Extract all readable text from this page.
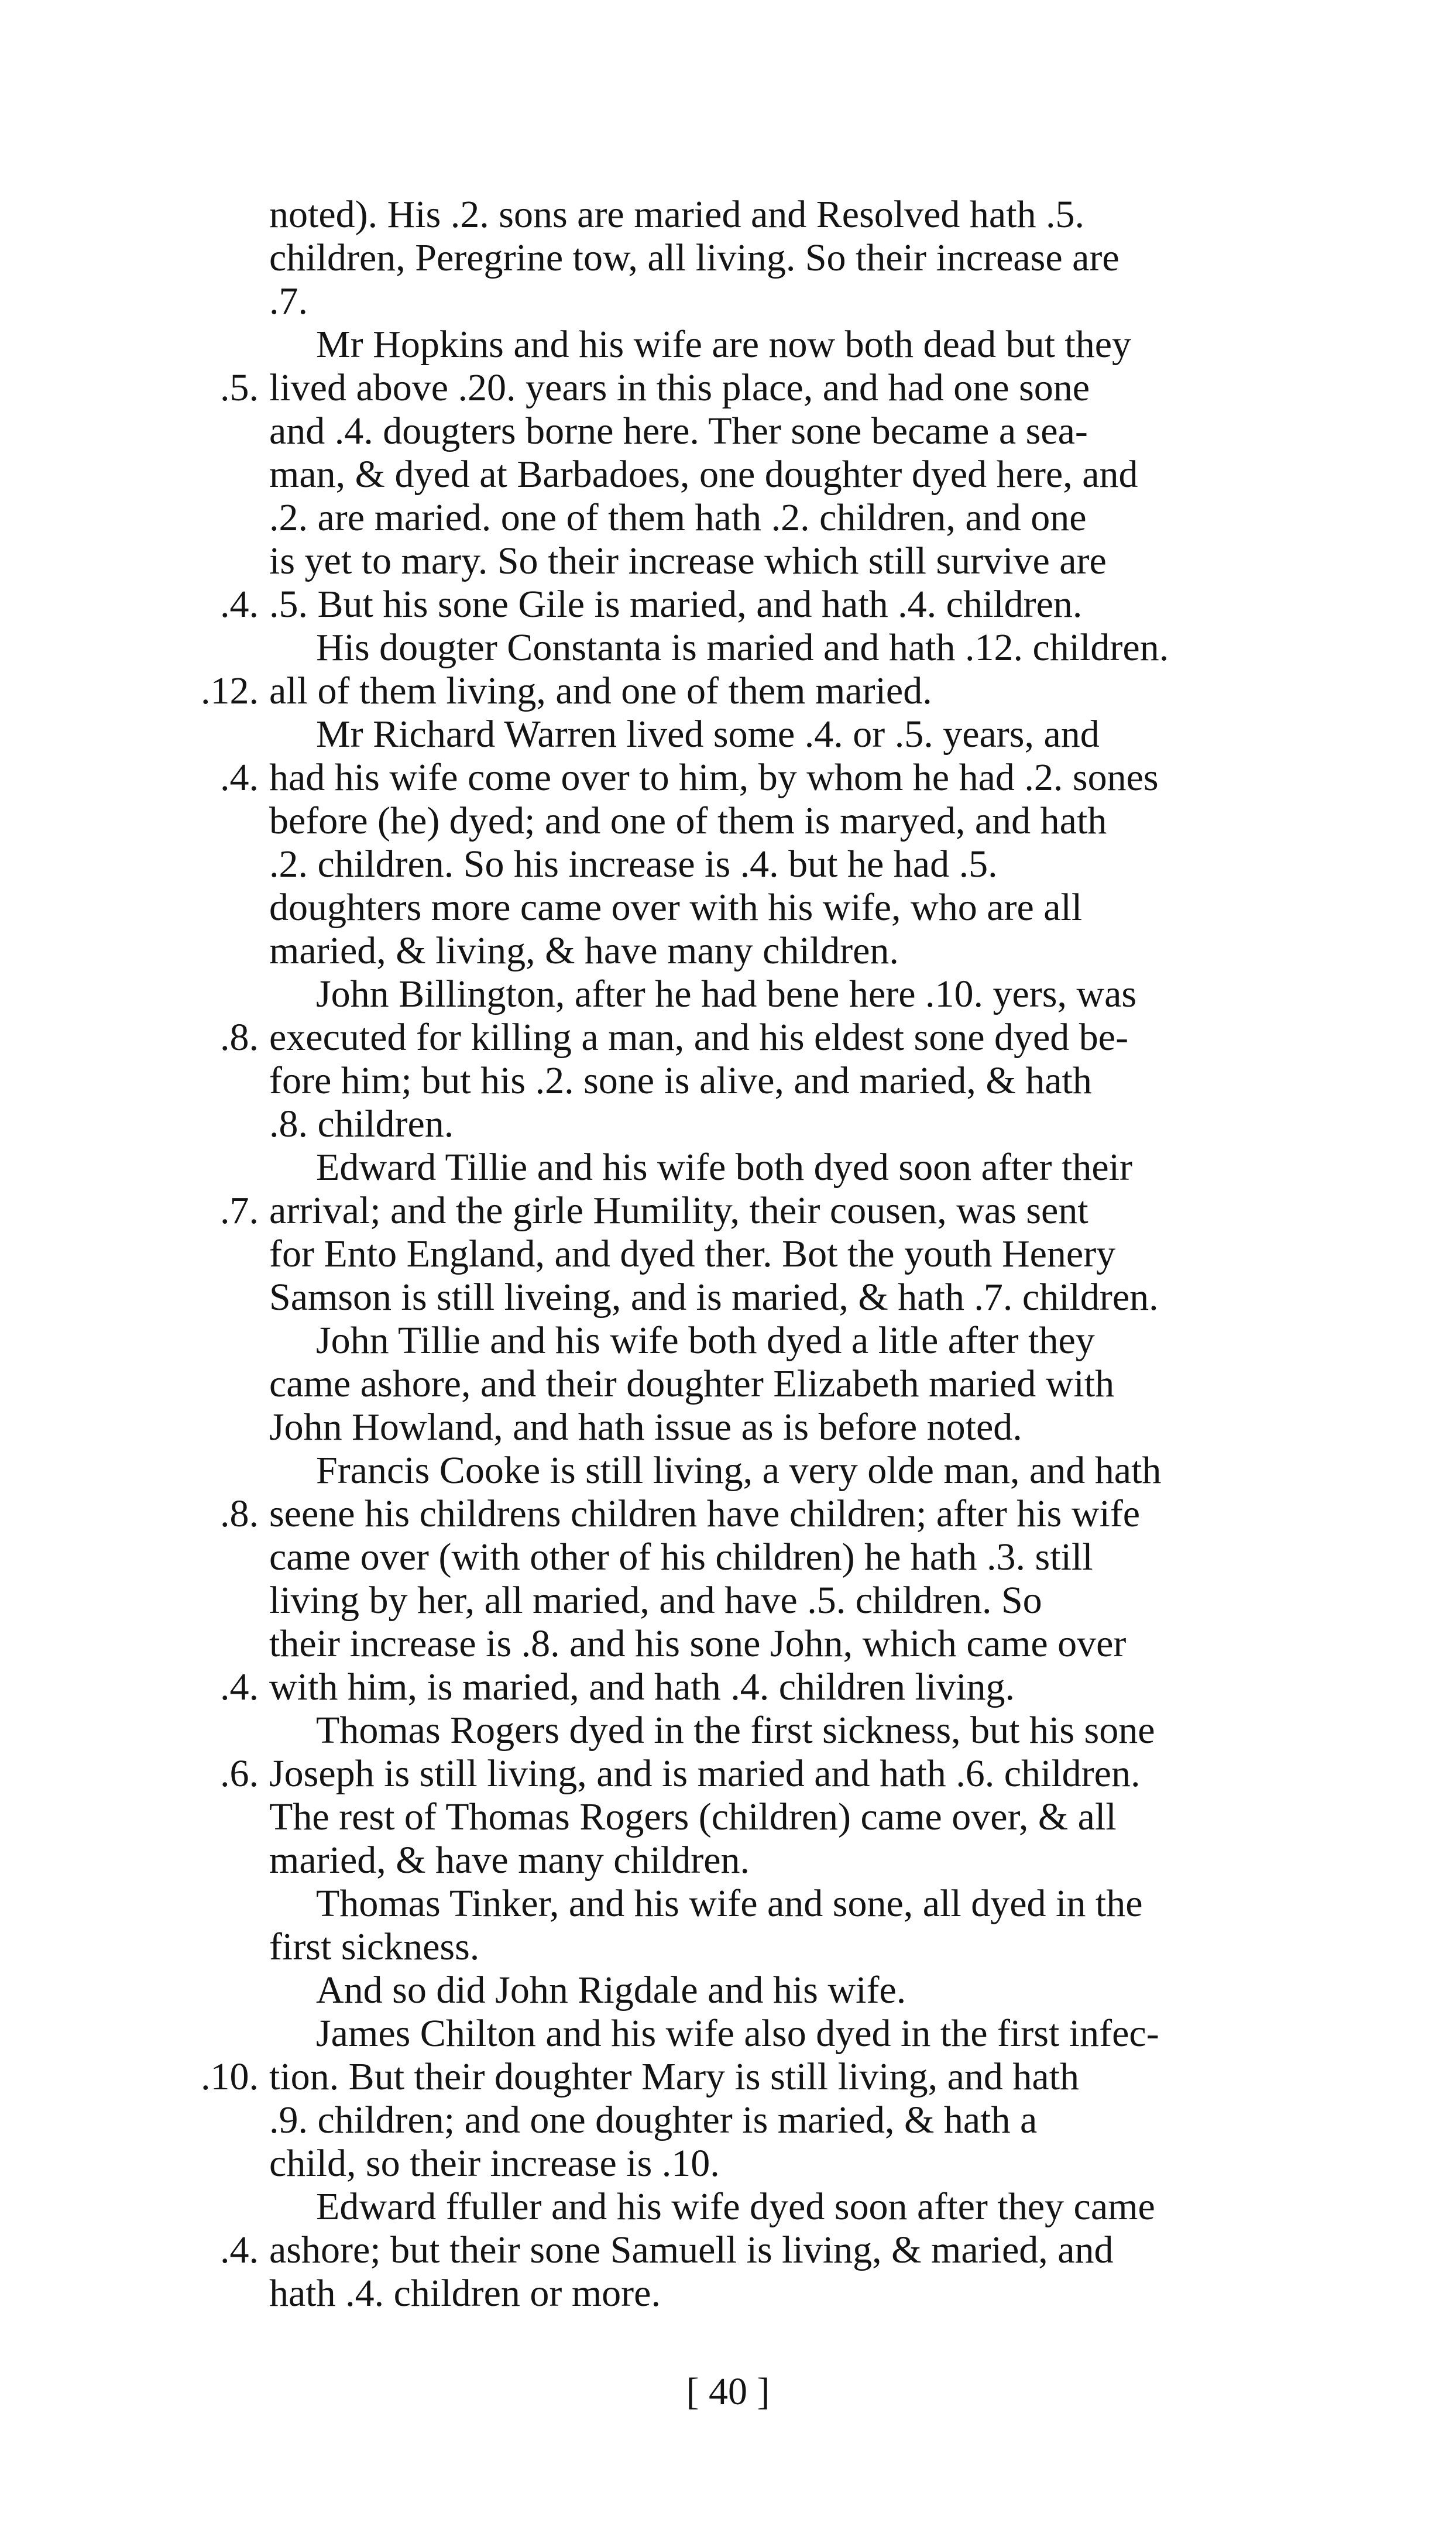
noted). His .2. sons are maried and Resolved hath .5.
children, Peregrine tow, all living. So their increase are
.7.
Mr Hopkins and his wife are now both dead but they
.5. lived above .20. years in this place, and had one sone
and .4. dougters borne here. Ther sone became a sea-
man, & dyed at Barbadoes, one doughter dyed here, and
.2. are maried. one of them hath .2. children, and one
is yet to mary. So their increase which still survive are
.4. .5. But his sone Gile is maried, and hath .4. children.
His dougter Constanta is maried and hath .12. children.
.12. all of them living, and one of them maried.
Mr Richard Warren lived some .4. or .5. years, and
.4. had his wife come over to him, by whom he had .2. sones
before (he) dyed; and one of them is maryed, and hath
.2. children. So his increase is .4. but he had .5.
doughters more came over with his wife, who are all
maried, & living, & have many children.
John Billington, after he had bene here .10. yers, was
.8. executed for killing a man, and his eldest sone dyed be-
fore him; but his .2. sone is alive, and maried, & hath
.8. children.
Edward Tillie and his wife both dyed soon after their
.7. arrival; and the girle Humility, their cousen, was sent
for Ento England, and dyed ther. Bot the youth Henery
Samson is still liveing, and is maried, & hath .7. children.
John Tillie and his wife both dyed a litle after they
came ashore, and their doughter Elizabeth maried with
John Howland, and hath issue as is before noted.
Francis Cooke is still living, a very olde man, and hath
.8. seene his childrens children have children; after his wife
came over (with other of his children) he hath .3. still
living by her, all maried, and have .5. children. So
their increase is .8. and his sone John, which came over
.4. with him, is maried, and hath .4. children living.
Thomas Rogers dyed in the first sickness, but his sone
.6. Joseph is still living, and is maried and hath .6. children.
The rest of Thomas Rogers (children) came over, & all
maried, & have many children.
Thomas Tinker, and his wife and sone, all dyed in the
first sickness.
And so did John Rigdale and his wife.
James Chilton and his wife also dyed in the first infec-
.10. tion. But their doughter Mary is still living, and hath
.9. children; and one doughter is maried, & hath a
child, so their increase is .10.
Edward ffuller and his wife dyed soon after they came
.4. ashore; but their sone Samuell is living, & maried, and
hath .4. children or more.
[ 40 ]
